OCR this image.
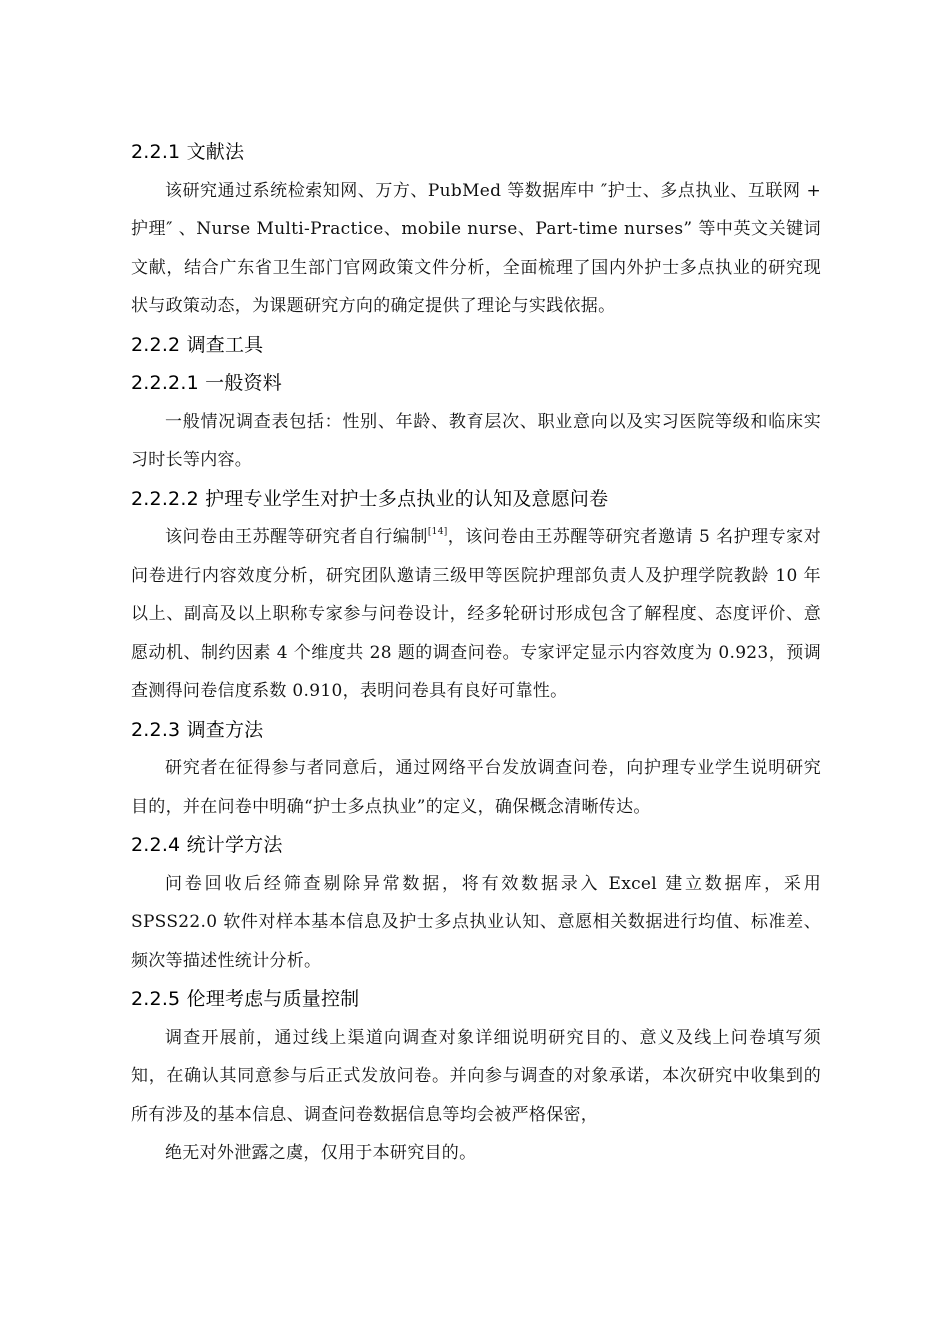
2.2.1 文献法

该研究通过系统检索知网、万方、PubMed 等数据库中 ″护士、多点执业、互联网 + 护理″ 、Nurse Multi-Practice、mobile nurse、Part-time nurses” 等中英文关键词文献，结合广东省卫生部门官网政策文件分析，全面梳理了国内外护士多点执业的研究现状与政策动态，为课题研究方向的确定提供了理论与实践依据。

2.2.2 调查工具
2.2.2.1 一般资料

一般情况调查表包括：性别、年龄、教育层次、职业意向以及实习医院等级和临床实习时长等内容。

2.2.2.2 护理专业学生对护士多点执业的认知及意愿问卷

该问卷由王苏醒等研究者自行编制[14]，该问卷由王苏醒等研究者邀请 5 名护理专家对问卷进行内容效度分析，研究团队邀请三级甲等医院护理部负责人及护理学院教龄 10 年以上、副高及以上职称专家参与问卷设计，经多轮研讨形成包含了解程度、态度评价、意愿动机、制约因素 4 个维度共 28 题的调查问卷。专家评定显示内容效度为 0.923，预调查测得问卷信度系数 0.910，表明问卷具有良好可靠性。

2.2.3 调查方法

研究者在征得参与者同意后，通过网络平台发放调查问卷，向护理专业学生说明研究目的，并在问卷中明确“护士多点执业”的定义，确保概念清晰传达。

2.2.4 统计学方法

问卷回收后经筛查剔除异常数据，将有效数据录入 Excel 建立数据库，采用 SPSS22.0 软件对样本基本信息及护士多点执业认知、意愿相关数据进行均值、标准差、频次等描述性统计分析。

2.2.5 伦理考虑与质量控制

调查开展前，通过线上渠道向调查对象详细说明研究目的、意义及线上问卷填写须知，在确认其同意参与后正式发放问卷。并向参与调查的对象承诺，本次研究中收集到的所有涉及的基本信息、调查问卷数据信息等均会被严格保密，

绝无对外泄露之虞，仅用于本研究目的。
